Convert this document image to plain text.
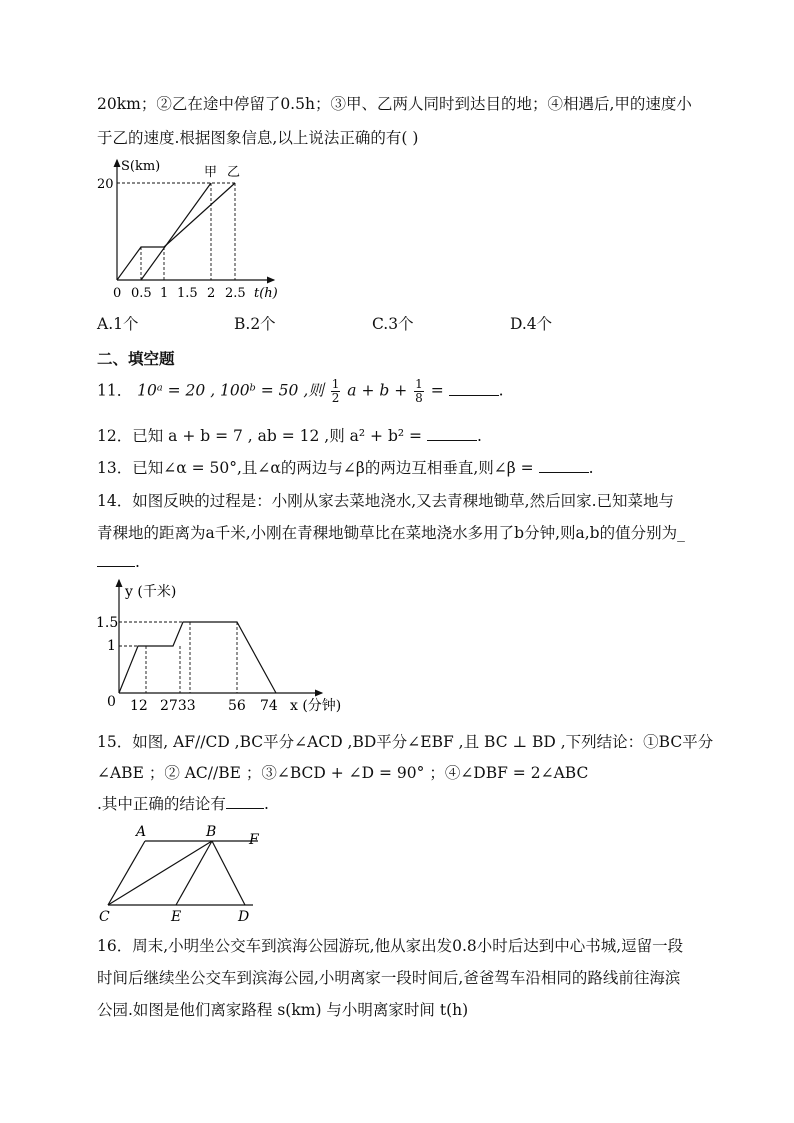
20km；②乙在途中停留了0.5h；③甲、乙两人同时到达目的地；④相遇后,甲的速度小
于乙的速度.根据图象信息,以上说法正确的有( )
S(km)
20
甲 乙
0 0.5 1 1.5 2 2.5 t(h)
A.1个	B.2个	C.3个	D.4个
二、填空题
11． 10ᵃ = 20 , 100ᵇ = 50 ,则 $\frac{1}{2}$ $a + b + \frac{1}{8}$ =	.
12．已知 a + b = 7 , ab = 12 ,则 a² + b² =	.
13．已知∠α = 50°,且∠α的两边与∠β的两边互相垂直,则∠β =	.
14．如图反映的过程是：小刚从家去菜地浇水,又去青稞地锄草,然后回家.已知菜地与
青稞地的距离为a千米,小刚在青稞地锄草比在菜地浇水多用了b分钟,则a,b的值分别为_
.
y (千米)
1.5
1
0 12 2733 56 74 x (分钟)
15．如图, AF//CD ,BC平分∠ACD ,BD平分∠EBF ,且 BC ⊥ BD ,下列结论：①BC平分
∠ABE ；② AC//BE ；③∠BCD + ∠D = 90° ；④∠DBF = 2∠ABC
.其中正确的结论有 .
A	B F
C	E	D
16．周末,小明坐公交车到滨海公园游玩,他从家出发0.8小时后达到中心书城,逗留一段
时间后继续坐公交车到滨海公园,小明离家一段时间后,爸爸驾车沿相同的路线前往海滨
公园.如图是他们离家路程 s(km) 与小明离家时间 t(h)
